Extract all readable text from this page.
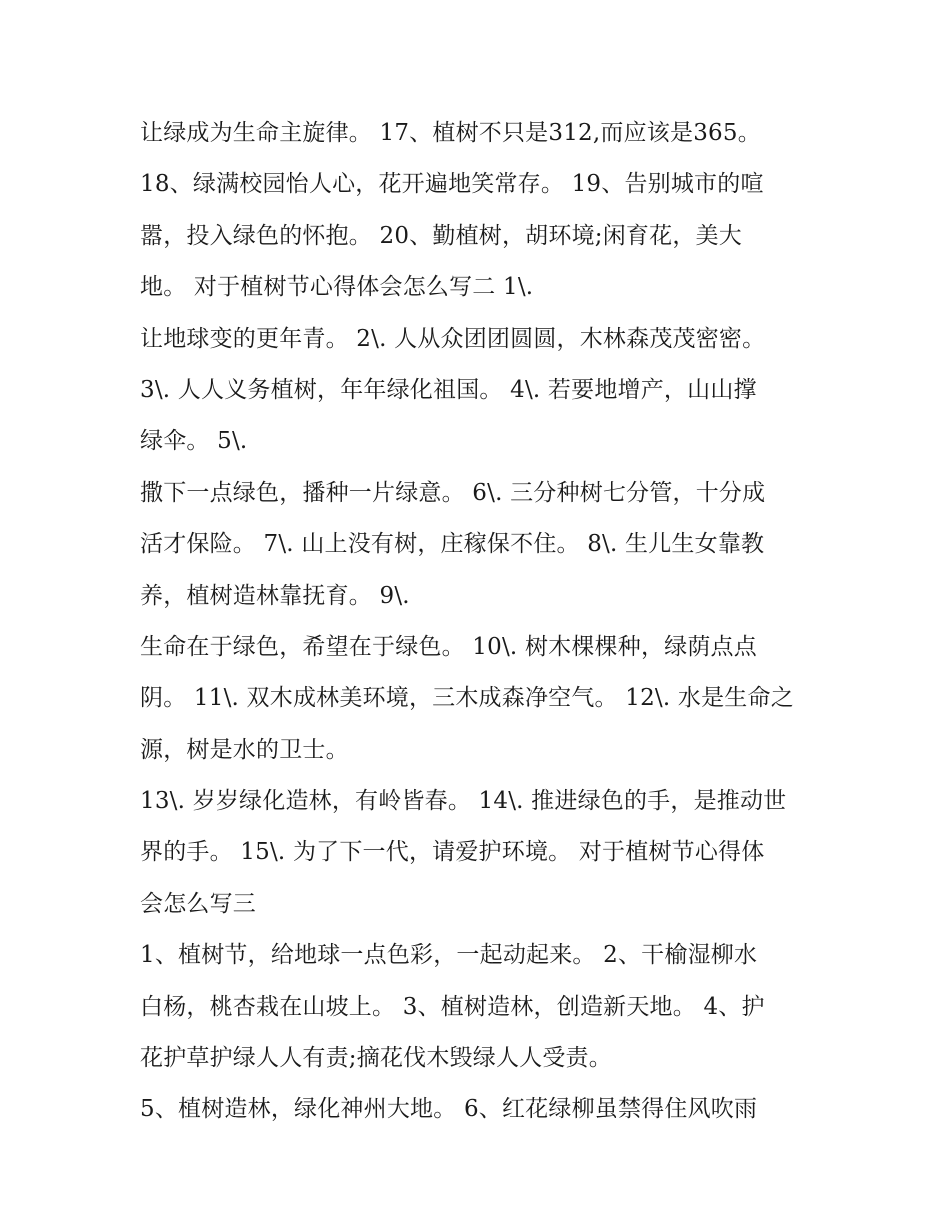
让绿成为生命主旋律。 17、植树不只是312,而应该是365。
18、绿满校园怡人心，花开遍地笑常存。 19、告别城市的喧
嚣，投入绿色的怀抱。 20、勤植树，胡环境;闲育花，美大
地。 对于植树节心得体会怎么写二 1\.
让地球变的更年青。 2\. 人从众团团圆圆，木林森茂茂密密。
3\. 人人义务植树，年年绿化祖国。 4\. 若要地增产，山山撑
绿伞。 5\.
撒下一点绿色，播种一片绿意。 6\. 三分种树七分管，十分成
活才保险。 7\. 山上没有树，庄稼保不住。 8\. 生儿生女靠教
养，植树造林靠抚育。 9\.
生命在于绿色，希望在于绿色。 10\. 树木棵棵种，绿荫点点
阴。 11\. 双木成林美环境，三木成森净空气。 12\. 水是生命之
源，树是水的卫士。
13\. 岁岁绿化造林，有岭皆春。 14\. 推进绿色的手，是推动世
界的手。 15\. 为了下一代，请爱护环境。 对于植树节心得体
会怎么写三
1、植树节，给地球一点色彩，一起动起来。 2、干榆湿柳水
白杨，桃杏栽在山坡上。 3、植树造林，创造新天地。 4、护
花护草护绿人人有责;摘花伐木毁绿人人受责。
5、植树造林，绿化神州大地。 6、红花绿柳虽禁得住风吹雨
